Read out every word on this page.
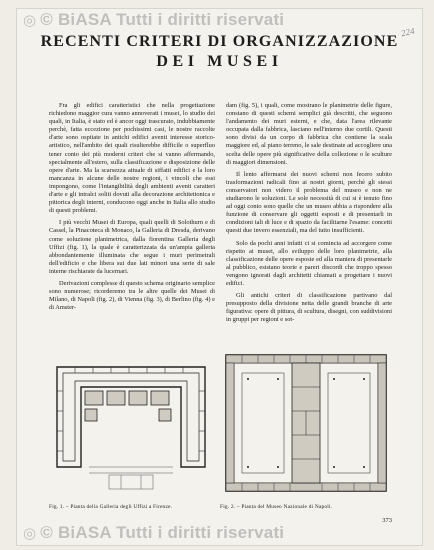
◎ © BiASA Tutti i diritti riservati
224
RECENTI CRITERI DI ORGANIZZAZIONE
DEI MUSEI

Fra gli edifici caratteristici che nella progettazione richiedono maggior cura vanno annoverati i musei, lo studio dei quali, in Italia, è stato ed è ancor oggi trascurato, indubbiamente perchè, fatta eccezione per pochissimi casi, le nostre raccolte d'arte sono ospitate in antichi edifici aventi interesse storico-artistico, nell'ambito dei quali risulterebbe difficile o superfluo tener conto dei più moderni criteri che si vanno affermando, specialmente all'estero, sulla classificazione e disposizione delle opere d'arte. Ma la scarsezza attuale di siffatti edifici e la loro mancanza in alcune delle nostre regioni, i vincoli che essi impongono, come l'intangibilità degli ambienti aventi caratteri d'arte e gli intralci soliti dovuti alla decorazione architettonica e pittorica degli interni, conducono oggi anche in Italia allo studio di questi problemi.

I più vecchi Musei di Europa, quali quelli di Solothurn e di Cassel, la Pinacoteca di Monaco, la Galleria di Dresda, derivano come soluzione planimetrica, dalla fiorentina Galleria degli Uffizi (fig. 1), la quale è caratterizzata da un'ampia galleria abbondantemente illuminata che segue i muri perimetrali dell'edificio e che libera sui due lati minori una serie di sale interne rischiarate da lucernari.

Derivazioni complesse di questo schema originario semplice sono numerose; ricorderemo tra le altre quelle dei Musei di Milano, di Napoli (fig. 2), di Vienna (fig. 3), di Berlino (fig. 4) e di Amster-

dam (fig. 5), i quali, come mostrano le planimetrie delle figure, constano di questi schemi semplici già descritti, che seguono l'andamento dei muri esterni, e che, data l'area rilevante occupata dalla fabbrica, lasciano nell'interno due cortili. Questi sono divisi da un corpo di fabbrica che contiene la scala maggiore ed, al piano terreno, le sale destinate ad accogliere una scelta delle opere più significative della collezione o le sculture di maggiori dimensioni.

Il lento affermarsi dei nuovi schemi non fecero subito trasformazioni radicali fino ai nostri giorni, perchè gli stessi conservatori non videro il problema del museo e non ne studiarono le soluzioni. Le sole necessità di cui si è tenuto fino ad oggi conto sono quelle che un museo abbia a rispondere alla funzione di conservare gli oggetti esposti e di presentarli in condizioni tali di luce e di spazio da facilitarne l'esame: concetti questi due invero essenziali, ma del tutto insufficienti.

Solo da pochi anni infatti ci si comincia ad accorgere come rispetto ai musei, allo sviluppo delle loro planimetrie, alla classificazione delle opere esposte ed alla maniera di presentarle al pubblico, esistano teorie e pareri discordi che troppo spesso vengono ignorati dagli architetti chiamati a progettare i nuovi edifici.

Gli antichi criteri di classificazione partivano dal presupposto della divisione netta delle grandi branche di arte figurativa: opere di pittura, di scultura, disegni, con suddivisioni in gruppi per regioni e sot-

Fig. 1. – Pianta della Galleria degli Uffizi a Firenze.	Fig. 2. – Pianta del Museo Nazionale di Napoli.
373
◎ © BiASA Tutti i diritti riservati
